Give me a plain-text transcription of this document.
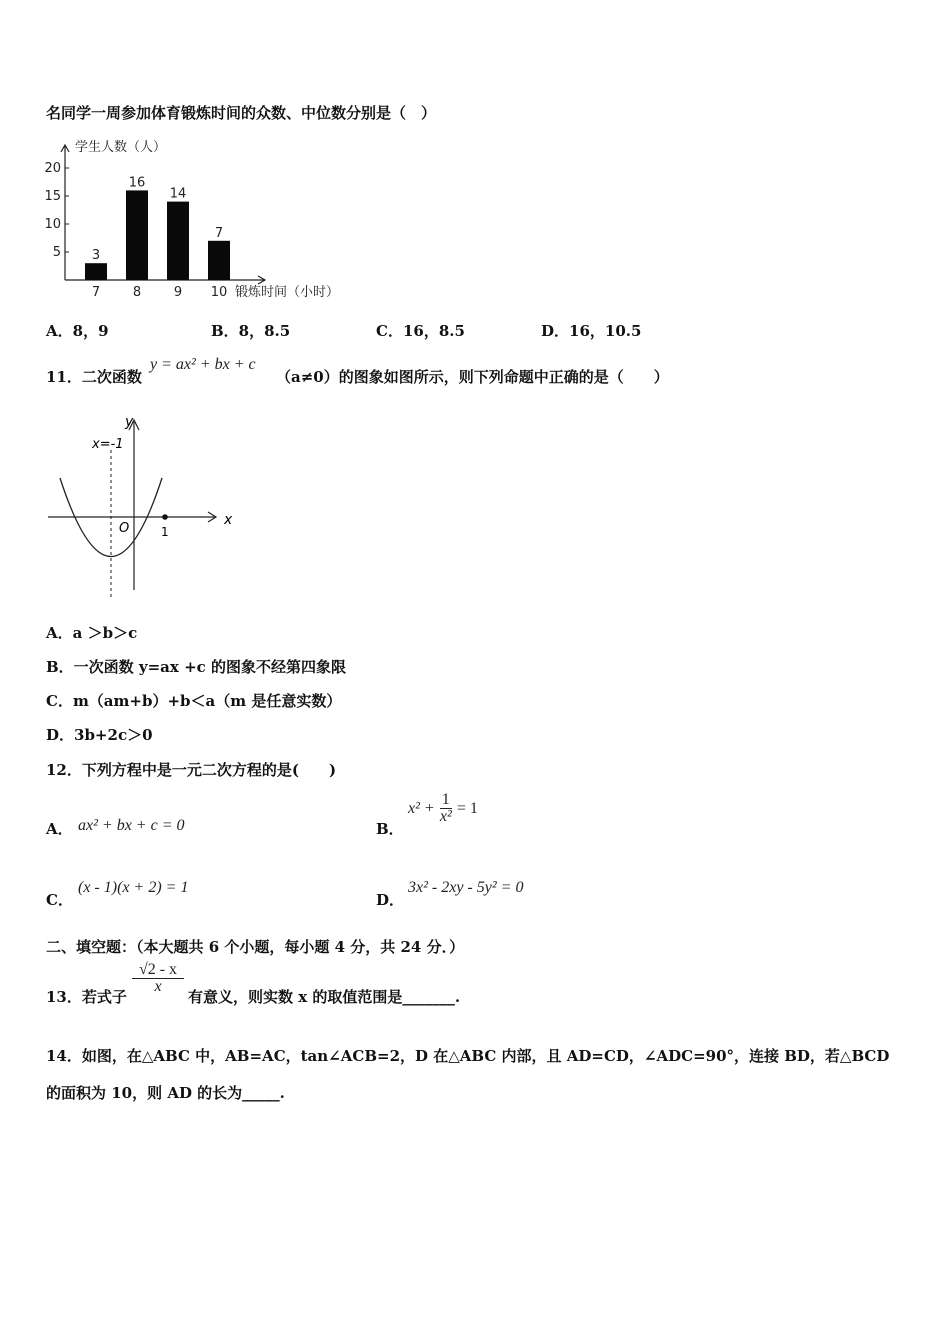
名同学一周参加体育锻炼时间的众数、中位数分别是（　）
5
10
15
20
学生人数（人）
锻炼时间（小时）
3
7
16
8
14
9
7
10
A．8，9	B．8，8.5	C．16，8.5	D．16，10.5
11．二次函数
y = ax² + bx + c
（a≠0）的图象如图所示，则下列命题中正确的是（　　）
x
y
O	1
x=-1
A．a ＞b＞c
B．一次函数 y=ax +c 的图象不经第四象限
C．m（am+b）+b＜a（m 是任意实数）
D．3b+2c＞0
12．下列方程中是一元二次方程的是(　　)
A． ax² + bx + c = 0	B．
$x^2 + \frac{1}{\text{x²}} = 1$
C．
(x - 1)(x + 2) = 1
D．
3x² - 2xy - 5y² = 0
二、填空题：（本大题共 6 个小题，每小题 4 分，共 24 分．）
13．若式子
$\frac{√2 - x}{x}$
有意义，则实数 x 的取值范围是_______.
14．如图，在△ABC 中，AB=AC，tan∠ACB=2，D 在△ABC 内部，且 AD=CD，∠ADC=90°，连接 BD，若△BCD
的面积为 10，则 AD 的长为_____.
